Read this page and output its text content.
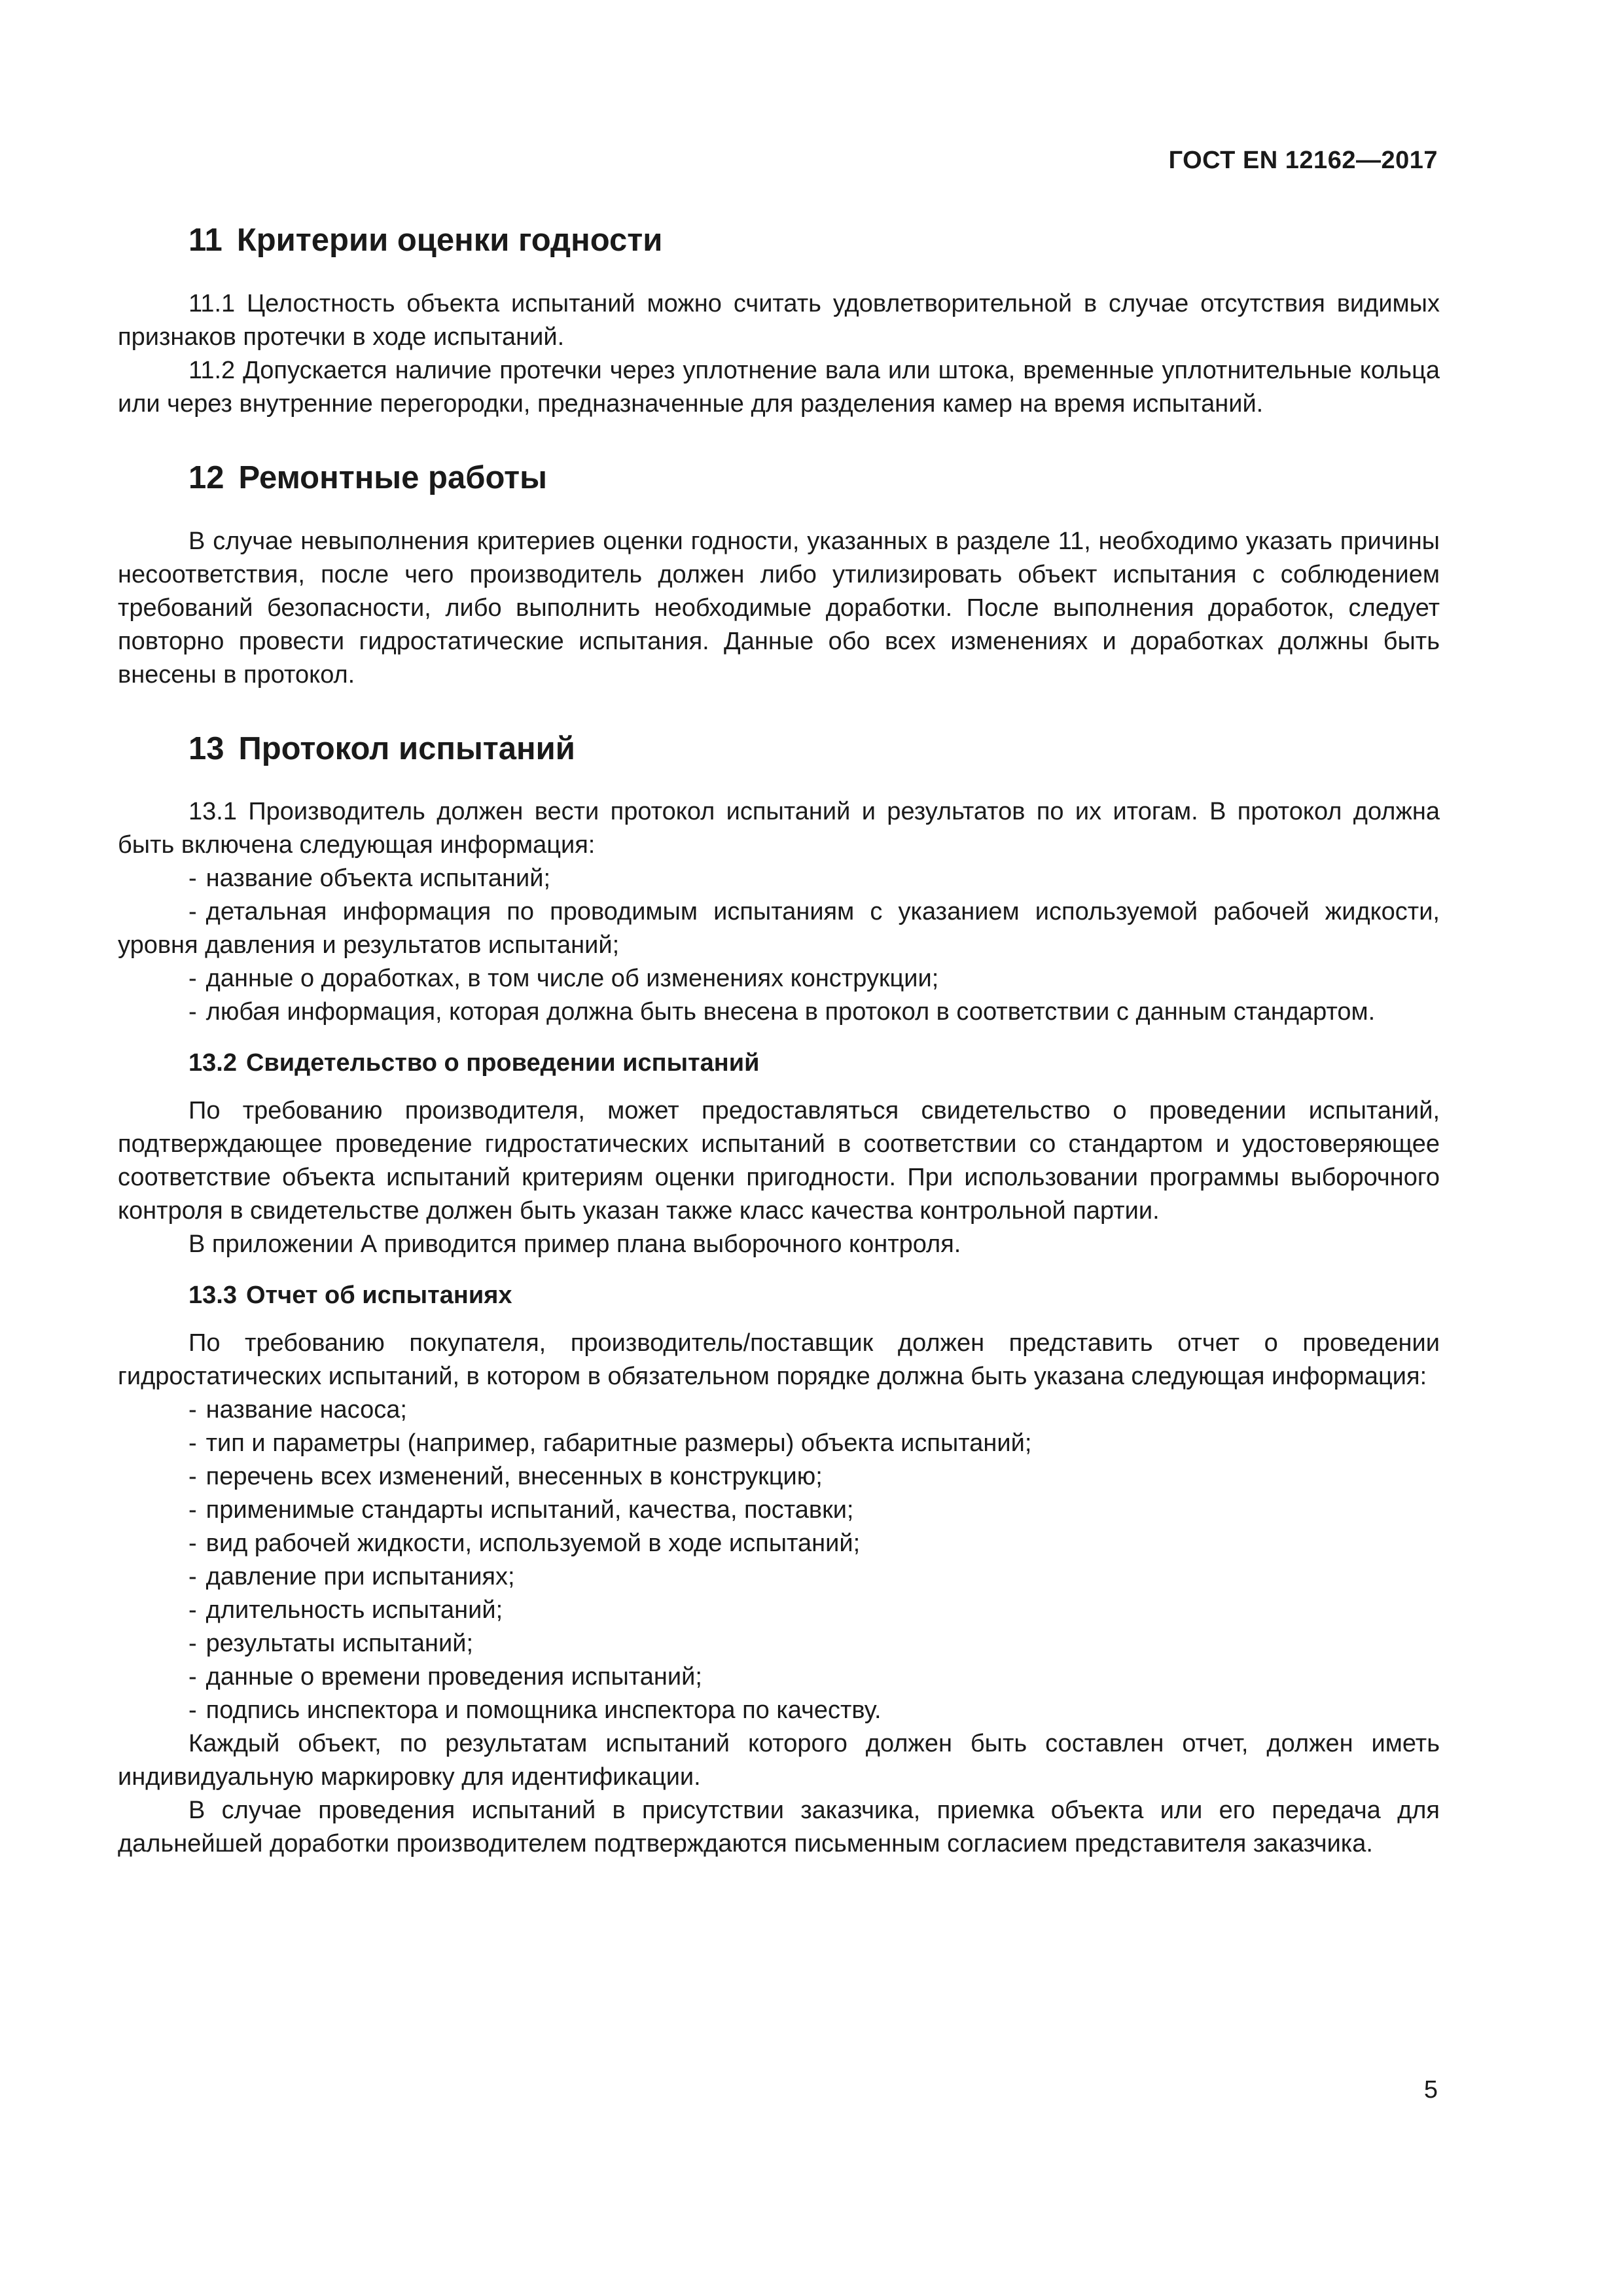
ГОСТ EN 12162—2017
11 Критерии оценки годности

11.1 Целостность объекта испытаний можно считать удовлетворительной в случае отсутствия видимых признаков протечки в ходе испытаний.

11.2 Допускается наличие протечки через уплотнение вала или штока, временные уплотнительные кольца или через внутренние перегородки, предназначенные для разделения камер на время испытаний.

12 Ремонтные работы

В случае невыполнения критериев оценки годности, указанных в разделе 11, необходимо указать причины несоответствия, после чего производитель должен либо утилизировать объект испытания с соблюдением требований безопасности, либо выполнить необходимые доработки. После выполнения доработок, следует повторно провести гидростатические испытания. Данные обо всех изменениях и доработках должны быть внесены в протокол.

13 Протокол испытаний

13.1 Производитель должен вести протокол испытаний и результатов по их итогам. В протокол должна быть включена следующая информация:

- название объекта испытаний;
- детальная информация по проводимым испытаниям с указанием используемой рабочей жидкости, уровня давления и результатов испытаний;
- данные о доработках, в том числе об изменениях конструкции;
- любая информация, которая должна быть внесена в протокол в соответствии с данным стандартом.
13.2 Свидетельство о проведении испытаний

По требованию производителя, может предоставляться свидетельство о проведении испытаний, подтверждающее проведение гидростатических испытаний в соответствии со стандартом и удостоверяющее соответствие объекта испытаний критериям оценки пригодности. При использовании программы выборочного контроля в свидетельстве должен быть указан также класс качества контрольной партии.

В приложении А приводится пример плана выборочного контроля.

13.3 Отчет об испытаниях

По требованию покупателя, производитель/поставщик должен представить отчет о проведении гидростатических испытаний, в котором в обязательном порядке должна быть указана следующая информация:

- название насоса;
- тип и параметры (например, габаритные размеры) объекта испытаний;
- перечень всех изменений, внесенных в конструкцию;
- применимые стандарты испытаний, качества, поставки;
- вид рабочей жидкости, используемой в ходе испытаний;
- давление при испытаниях;
- длительность испытаний;
- результаты испытаний;
- данные о времени проведения испытаний;
- подпись инспектора и помощника инспектора по качеству.

Каждый объект, по результатам испытаний которого должен быть составлен отчет, должен иметь индивидуальную маркировку для идентификации.

В случае проведения испытаний в присутствии заказчика, приемка объекта или его передача для дальнейшей доработки производителем подтверждаются письменным согласием представителя заказчика.

5
